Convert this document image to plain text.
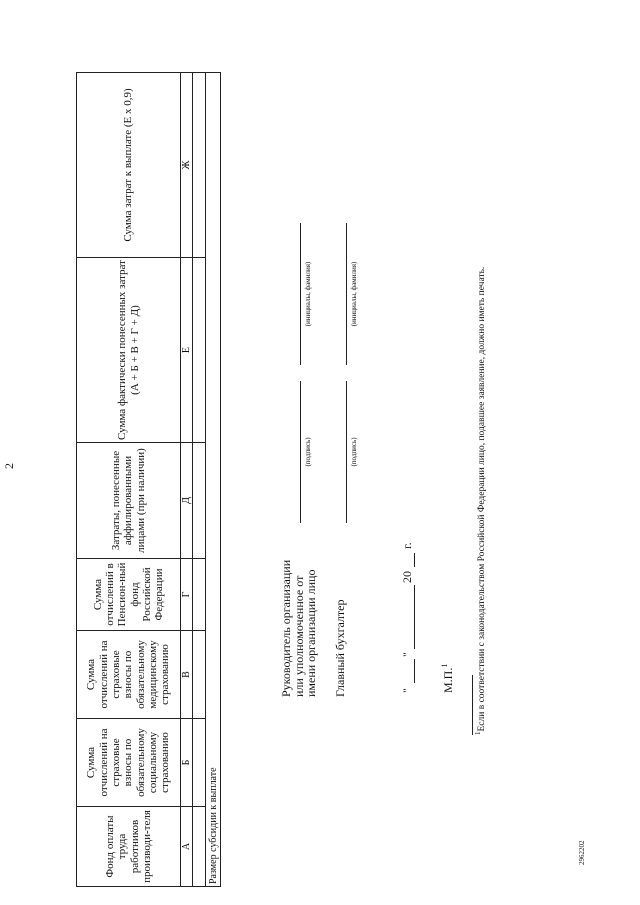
2
Фонд оплаты труда работников производи-теля	Сумма отчислений на страховые взносы по обязательному социальному страхованию	Сумма отчислений на страховые взносы по обязательному медицинскому страхованию	Сумма отчислений в Пенсион-ный фонд Российской Федерации	Затраты, понесенные аффилированными лицами (при наличии)	Сумма фактически понесенных затрат (А + Б + В + Г + Д)	Сумма затрат к выплате (Е х 0,9)
А	Б	В	Г	Д	Е	Ж

Размер субсидии к выплате						
Руководитель организации или уполномоченное от имени организации лицо
(подпись)
(инициалы, фамилия)
Главный бухгалтер
(подпись)
(инициалы, фамилия)
"
"
20
г.
М.П.$^1$
$^1$Если в соответствии с законодательством Российской Федерации лицо, подавшее заявление, должно иметь печать.
2962202
